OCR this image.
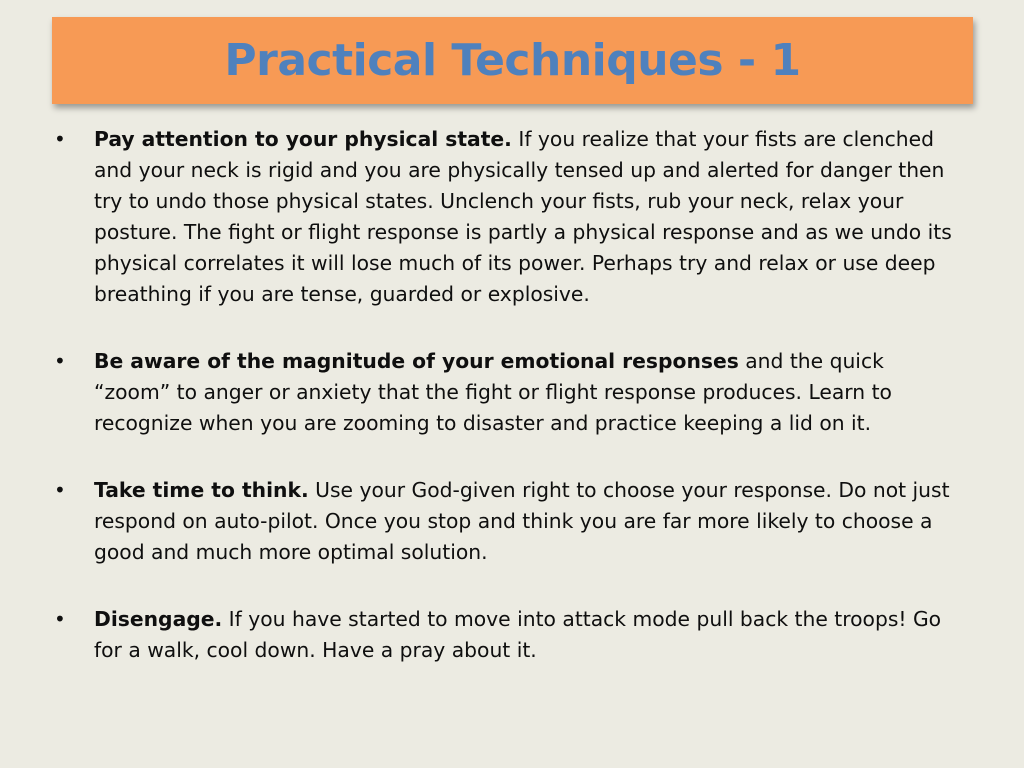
Practical Techniques - 1
•	Pay attention to your physical state. If you realize that your fists are clenched and your neck is rigid and you are physically tensed up and alerted for danger then try to undo those physical states. Unclench your fists, rub your neck, relax your posture. The fight or flight response is partly a physical response and as we undo its physical correlates it will lose much of its power. Perhaps try and relax or use deep breathing if you are tense, guarded or explosive.
•	Be aware of the magnitude of your emotional responses and the quick “zoom” to anger or anxiety that the fight or flight response produces. Learn to recognize when you are zooming to disaster and practice keeping a lid on it.
•	Take time to think. Use your God-given right to choose your response. Do not just respond on auto-pilot. Once you stop and think you are far more likely to choose a good and much more optimal solution.
•	Disengage. If you have started to move into attack mode pull back the troops! Go for a walk, cool down. Have a pray about it.
